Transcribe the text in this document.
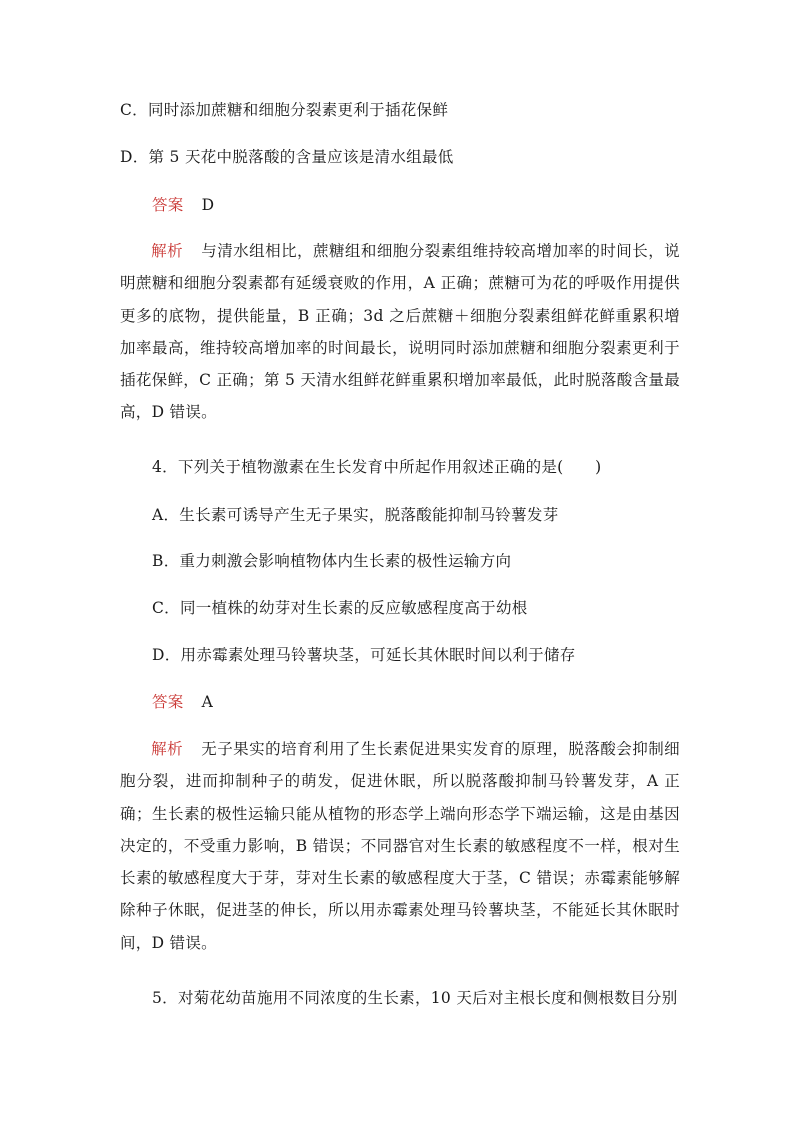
C．同时添加蔗糖和细胞分裂素更利于插花保鲜
D．第 5 天花中脱落酸的含量应该是清水组最低
答案 D
解析 与清水组相比，蔗糖组和细胞分裂素组维持较高增加率的时间长，说明蔗糖和细胞分裂素都有延缓衰败的作用，A 正确；蔗糖可为花的呼吸作用提供更多的底物，提供能量，B 正确；3d 之后蔗糖＋细胞分裂素组鲜花鲜重累积增加率最高，维持较高增加率的时间最长，说明同时添加蔗糖和细胞分裂素更利于插花保鲜，C 正确；第 5 天清水组鲜花鲜重累积增加率最低，此时脱落酸含量最高，D 错误。
4．下列关于植物激素在生长发育中所起作用叙述正确的是(　　)
A．生长素可诱导产生无子果实，脱落酸能抑制马铃薯发芽
B．重力刺激会影响植物体内生长素的极性运输方向
C．同一植株的幼芽对生长素的反应敏感程度高于幼根
D．用赤霉素处理马铃薯块茎，可延长其休眠时间以利于储存
答案 A
解析 无子果实的培育利用了生长素促进果实发育的原理，脱落酸会抑制细胞分裂，进而抑制种子的萌发，促进休眠，所以脱落酸抑制马铃薯发芽，A 正确；生长素的极性运输只能从植物的形态学上端向形态学下端运输，这是由基因决定的，不受重力影响，B 错误；不同器官对生长素的敏感程度不一样，根对生长素的敏感程度大于芽，芽对生长素的敏感程度大于茎，C 错误；赤霉素能够解除种子休眠，促进茎的伸长，所以用赤霉素处理马铃薯块茎，不能延长其休眠时间，D 错误。
5．对菊花幼苗施用不同浓度的生长素，10 天后对主根长度和侧根数目分别
